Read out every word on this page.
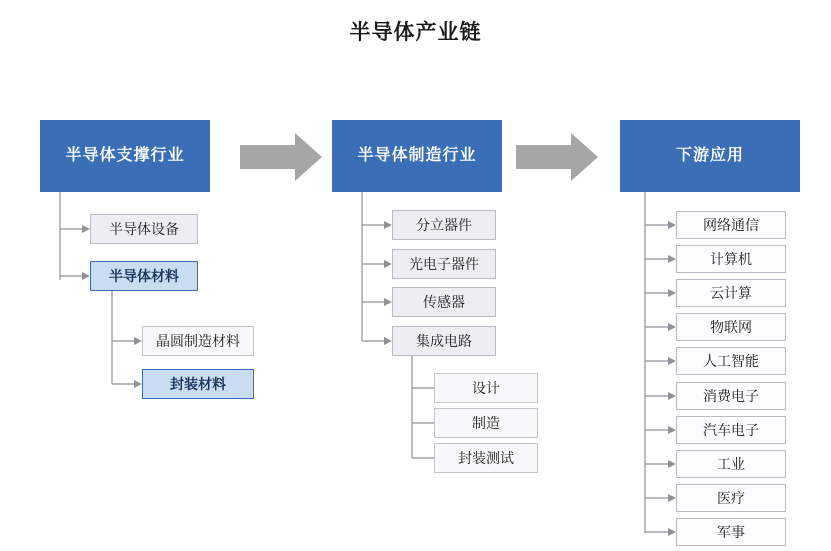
半导体产业链
半导体支撑行业
半导体设备
半导体材料
晶圆制造材料
封装材料
半导体制造行业
分立器件
光电子器件
传感器
集成电路
设计
制造
封装测试
下游应用
网络通信
计算机
云计算
物联网
人工智能
消费电子
汽车电子
工业
医疗
军事
